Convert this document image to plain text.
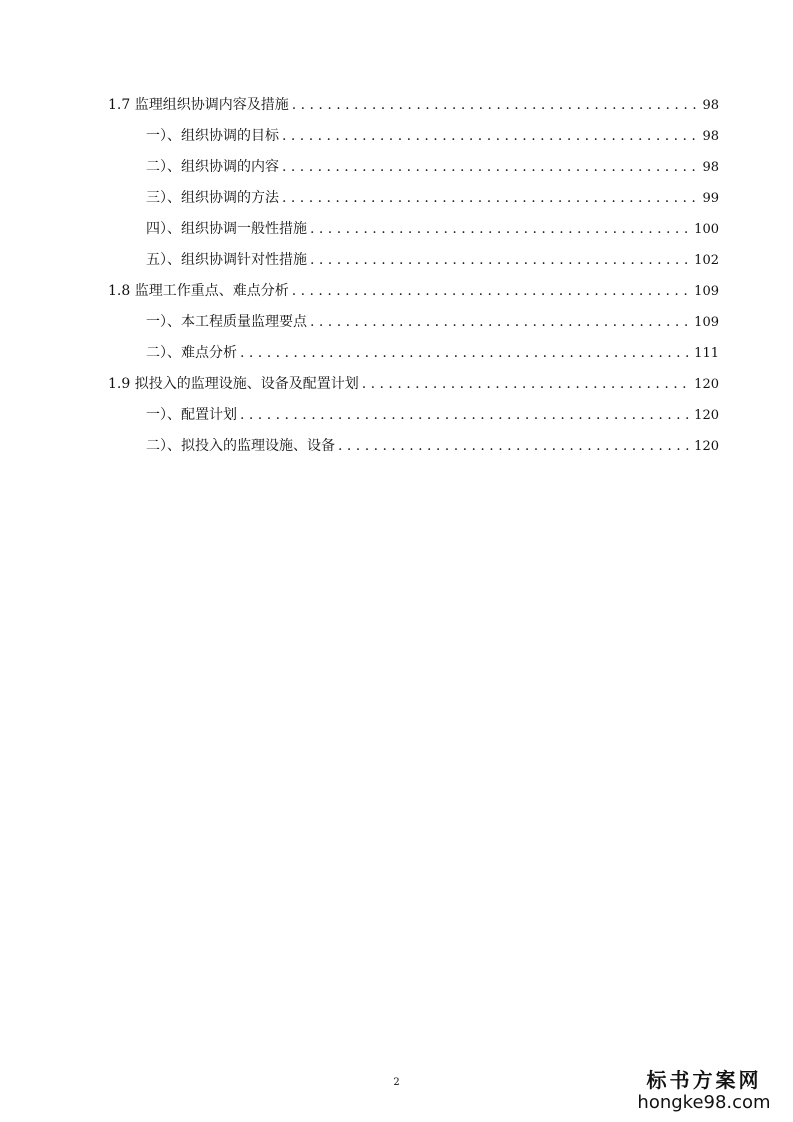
1.7 监理组织协调内容及措施 . . .	98
一）、组织协调的目标 . . .	98
二）、组织协调的内容 . . .	98
三）、组织协调的方法 . . .	99
四）、组织协调一般性措施 . . .	100
五）、组织协调针对性措施 . . .	102
1.8 监理工作重点、难点分析 . . .	109
一）、本工程质量监理要点 . . .	109
二）、难点分析 . . .	111
1.9 拟投入的监理设施、设备及配置计划 . . .	120
一）、配置计划 . . .	120
二）、拟投入的监理设施、设备 . . .	120
2	标书方案网
hongke98.com
